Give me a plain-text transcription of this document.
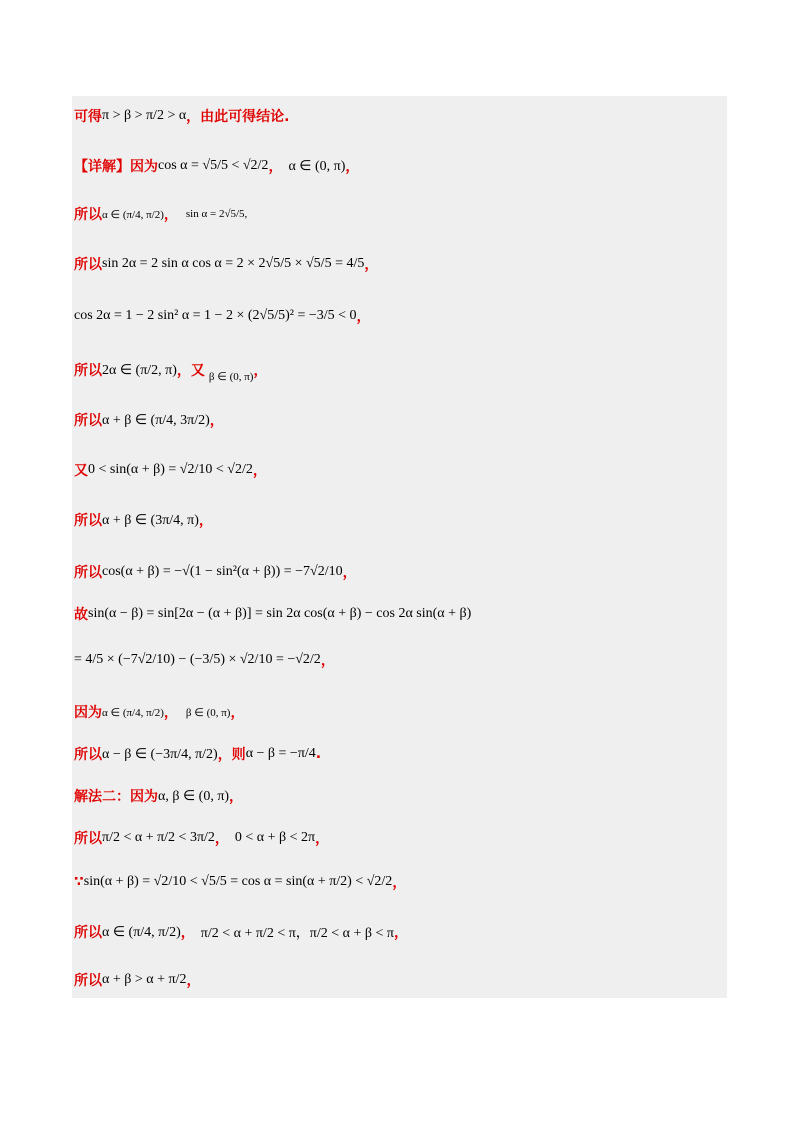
可得 π > β > π/2 > α ，由此可得结论.
【详解】因为 cos α = √5/5 < √2/2 ， α ∈ (0, π) ，
所以 α ∈ (π/4, π/2) ， sin α = 2√5/5,
所以 sin 2α = 2 sin α cos α = 2 × 2√5/5 × √5/5 = 4/5 ，
cos 2α = 1 − 2 sin² α = 1 − 2 × (2√5/5)² = −3/5 < 0 ，
所以 2α ∈ (π/2, π) ，又 β ∈ (0, π) ，
所以 α + β ∈ (π/4, 3π/2) ，
又 0 < sin(α + β) = √2/10 < √2/2 ，
所以 α + β ∈ (3π/4, π) ，
所以 cos(α + β) = −√(1 − sin²(α + β)) = −7√2/10 ，
故 sin(α − β) = sin[2α − (α + β)] = sin 2α cos(α + β) − cos 2α sin(α + β)
= 4/5 × (−7√2/10) − (−3/5) × √2/10 = −√2/2 ，
因为 α ∈ (π/4, π/2) ， β ∈ (0, π) ，
所以 α − β ∈ (−3π/4, π/2) ，则 α − β = −π/4 .
解法二：因为 α, β ∈ (0, π) ，
所以 π/2 < α + π/2 < 3π/2 ， 0 < α + β < 2π ，
∵ sin(α + β) = √2/10 < √5/5 = cos α = sin(α + π/2) < √2/2 ，
所以 α ∈ (π/4, π/2) ， π/2 < α + π/2 < π，π/2 < α + β < π ，
所以 α + β > α + π/2 ，
